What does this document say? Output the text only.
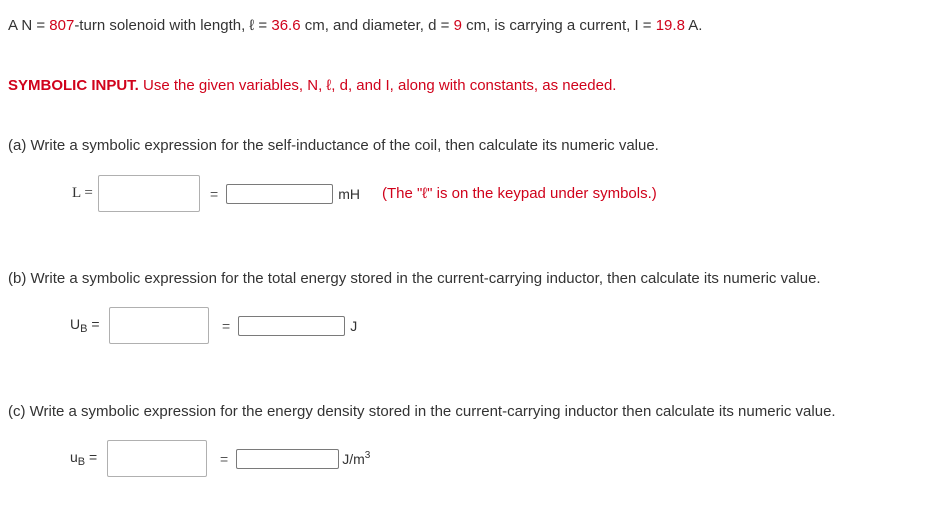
A N = 807-turn solenoid with length, ℓ = 36.6 cm, and diameter, d = 9 cm, is carrying a current, I = 19.8 A.
SYMBOLIC INPUT. Use the given variables, N, ℓ, d, and I, along with constants, as needed.
(a) Write a symbolic expression for the self-inductance of the coil, then calculate its numeric value.
L =	=	mH (The "ℓ" is on the keypad under symbols.)
(b) Write a symbolic expression for the total energy stored in the current-carrying inductor, then calculate its numeric value.
$U_B$ =	=	J
(c) Write a symbolic expression for the energy density stored in the current-carrying inductor then calculate its numeric value.
$u_B$ =	=	$J/m^3$
